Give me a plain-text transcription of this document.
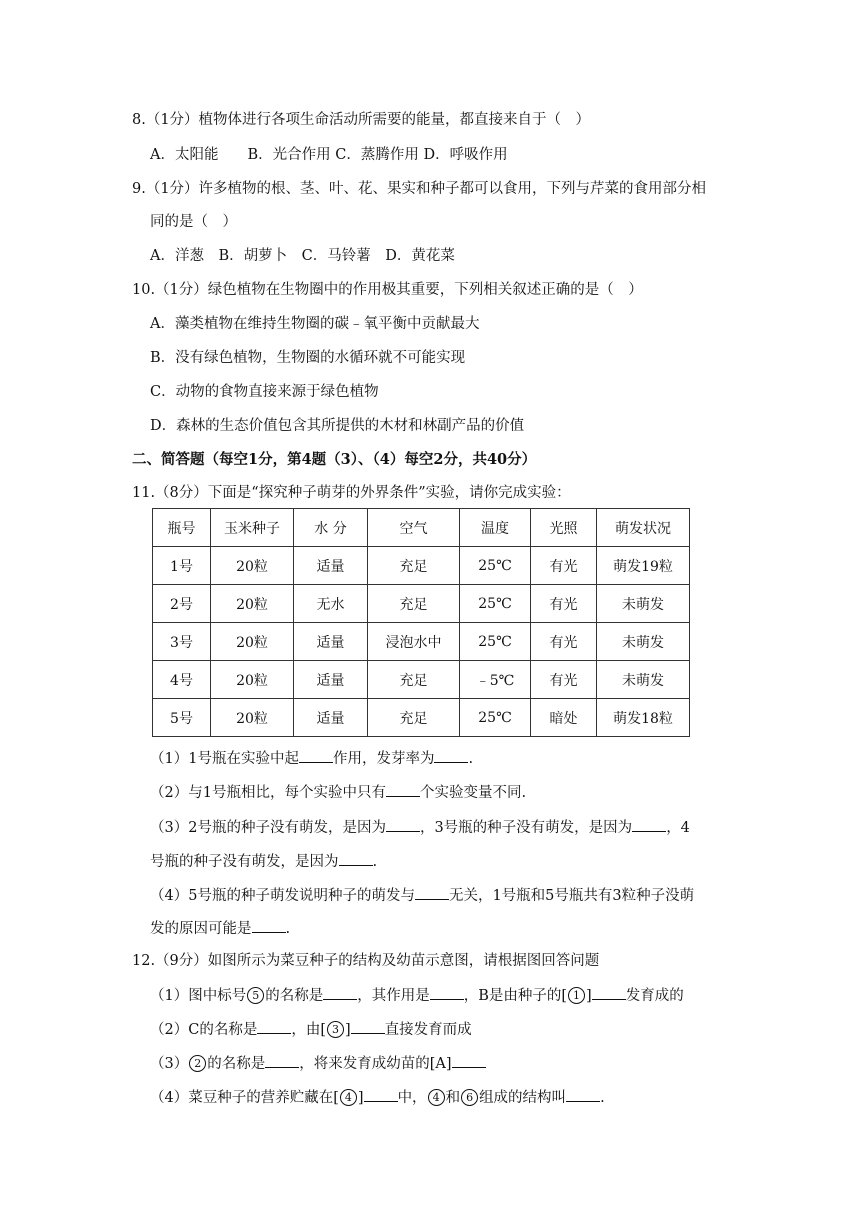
8.（1分）植物体进行各项生命活动所需要的能量，都直接来自于（　）
A．太阳能　　B．光合作用 C．蒸腾作用 D．呼吸作用
9.（1分）许多植物的根、茎、叶、花、果实和种子都可以食用，下列与芹菜的食用部分相
同的是（　）
A．洋葱　B．胡萝卜　C．马铃薯　D．黄花菜
10.（1分）绿色植物在生物圈中的作用极其重要，下列相关叙述正确的是（　）
A．藻类植物在维持生物圈的碳﹣氧平衡中贡献最大
B．没有绿色植物，生物圈的水循环就不可能实现
C．动物的食物直接来源于绿色植物
D．森林的生态价值包含其所提供的木材和林副产品的价值
二、简答题（每空1分，第4题（3）、（4）每空2分，共40分）
11.（8分）下面是“探究种子萌芽的外界条件”实验，请你完成实验：
瓶号	玉米种子	水 分	空气	温度	光照	萌发状况
1号	20粒	适量	充足	25℃	有光	萌发19粒
2号	20粒	无水	充足	25℃	有光	未萌发
3号	20粒	适量	浸泡水中	25℃	有光	未萌发
4号	20粒	适量	充足	﹣5℃	有光	未萌发
5号	20粒	适量	充足	25℃	暗处	萌发18粒
（1）1号瓶在实验中起 作用，发芽率为 .
（2）与1号瓶相比，每个实验中只有 个实验变量不同.
（3）2号瓶的种子没有萌发，是因为 ，3号瓶的种子没有萌发，是因为 ，4
号瓶的种子没有萌发，是因为 .
（4）5号瓶的种子萌发说明种子的萌发与 无关，1号瓶和5号瓶共有3粒种子没萌
发的原因可能是 .
12.（9分）如图所示为菜豆种子的结构及幼苗示意图，请根据图回答问题
（1）图中标号 5 的名称是 ，其作用是 ，B是由种子的[ 1 ] 发育成的
（2）C的名称是 ，由[ 3 ] 直接发育而成
（3） 2 的名称是 ，将来发育成幼苗的[A]
（4）菜豆种子的营养贮藏在[ 4 ] 中， 4 和 6 组成的结构叫 .
